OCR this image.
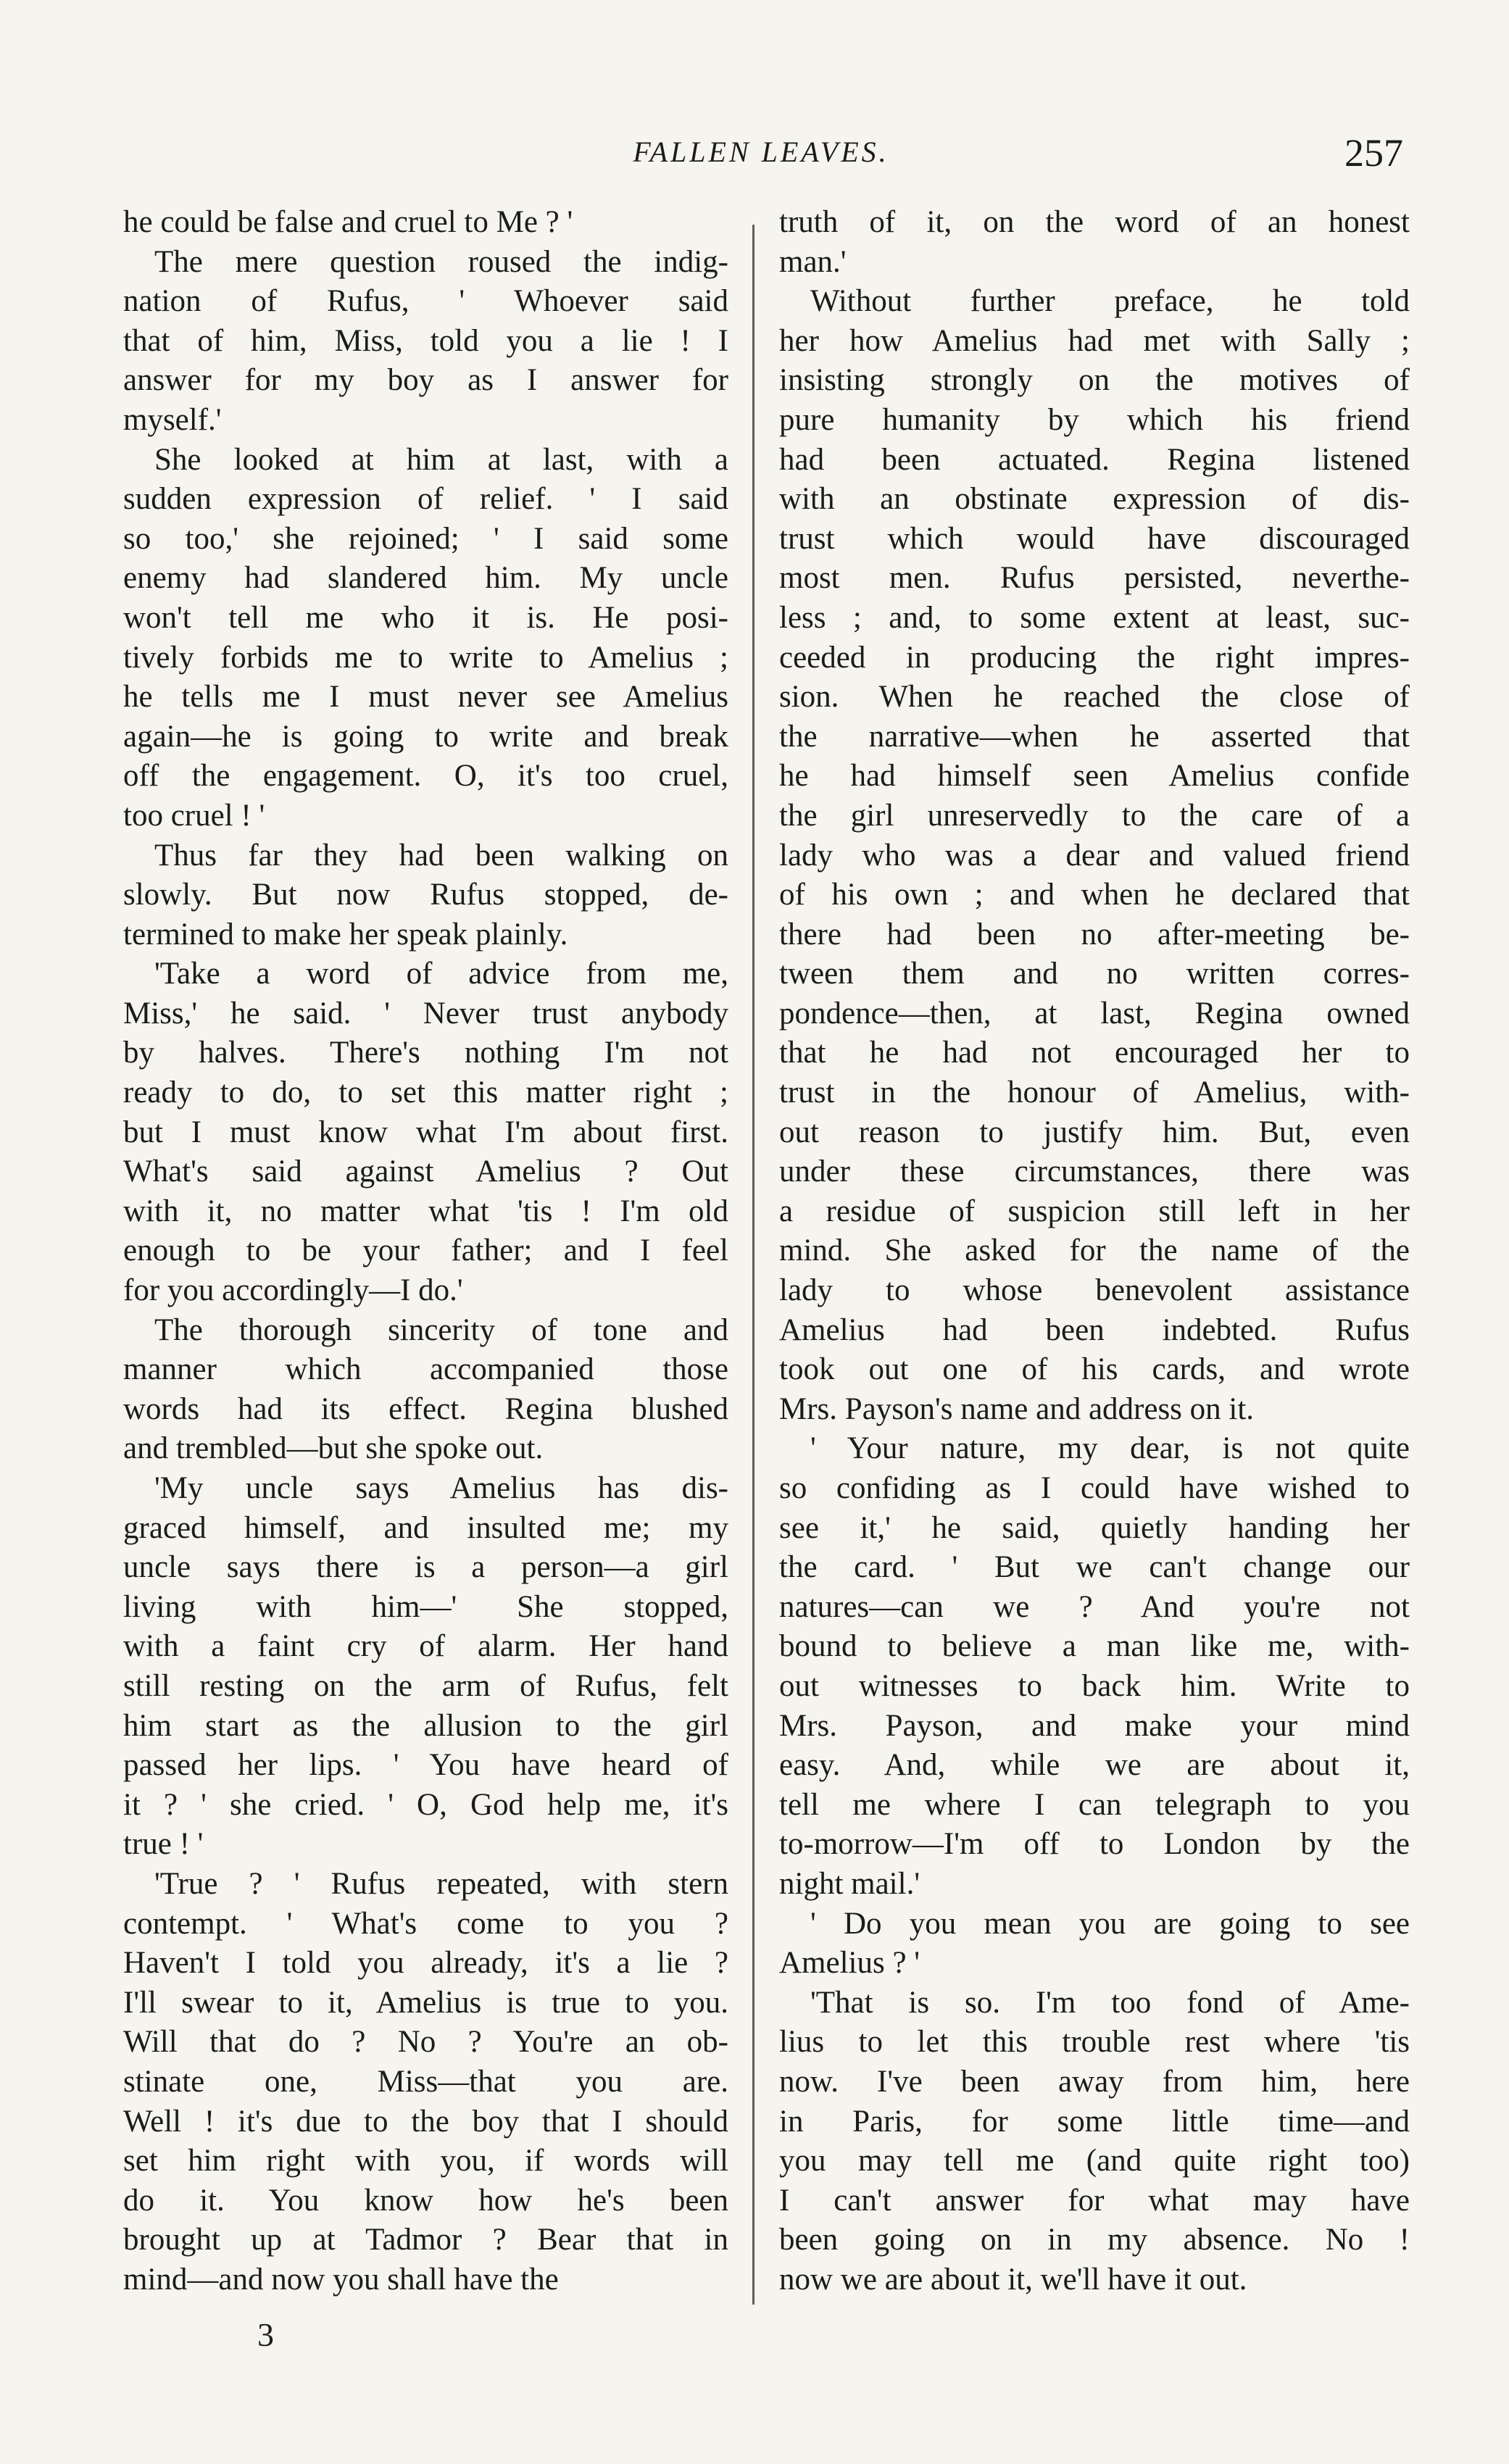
FALLEN LEAVES.	257
he could be false and cruel to Me ? '
 The mere question roused the indig-
nation of Rufus, ' Whoever said
that of him, Miss, told you a lie ! I
answer for my boy as I answer for
myself.'
 She looked at him at last, with a
sudden expression of relief. ' I said
so too,' she rejoined; ' I said some
enemy had slandered him. My uncle
won't tell me who it is. He posi-
tively forbids me to write to Amelius ;
he tells me I must never see Amelius
again—he is going to write and break
off the engagement. O, it's too cruel,
too cruel ! '
 Thus far they had been walking on
slowly. But now Rufus stopped, de-
termined to make her speak plainly.
 'Take a word of advice from me,
Miss,' he said. ' Never trust anybody
by halves. There's nothing I'm not
ready to do, to set this matter right ;
but I must know what I'm about first.
What's said against Amelius ? Out
with it, no matter what 'tis ! I'm old
enough to be your father; and I feel
for you accordingly—I do.'
 The thorough sincerity of tone and
manner which accompanied those
words had its effect. Regina blushed
and trembled—but she spoke out.
 'My uncle says Amelius has dis-
graced himself, and insulted me; my
uncle says there is a person—a girl
living with him—' She stopped,
with a faint cry of alarm. Her hand
still resting on the arm of Rufus, felt
him start as the allusion to the girl
passed her lips. ' You have heard of
it ? ' she cried. ' O, God help me, it's
true ! '
 'True ? ' Rufus repeated, with stern
contempt. ' What's come to you ?
Haven't I told you already, it's a lie ?
I'll swear to it, Amelius is true to you.
Will that do ? No ? You're an ob-
stinate one, Miss—that you are.
Well ! it's due to the boy that I should
set him right with you, if words will
do it. You know how he's been
brought up at Tadmor ? Bear that in
mind—and now you shall have the
truth of it, on the word of an honest
man.'
 Without further preface, he told
her how Amelius had met with Sally ;
insisting strongly on the motives of
pure humanity by which his friend
had been actuated. Regina listened
with an obstinate expression of dis-
trust which would have discouraged
most men. Rufus persisted, neverthe-
less ; and, to some extent at least, suc-
ceeded in producing the right impres-
sion. When he reached the close of
the narrative—when he asserted that
he had himself seen Amelius confide
the girl unreservedly to the care of a
lady who was a dear and valued friend
of his own ; and when he declared that
there had been no after-meeting be-
tween them and no written corres-
pondence—then, at last, Regina owned
that he had not encouraged her to
trust in the honour of Amelius, with-
out reason to justify him. But, even
under these circumstances, there was
a residue of suspicion still left in her
mind. She asked for the name of the
lady to whose benevolent assistance
Amelius had been indebted. Rufus
took out one of his cards, and wrote
Mrs. Payson's name and address on it.
 ' Your nature, my dear, is not quite
so confiding as I could have wished to
see it,' he said, quietly handing her
the card. ' But we can't change our
natures—can we ? And you're not
bound to believe a man like me, with-
out witnesses to back him. Write to
Mrs. Payson, and make your mind
easy. And, while we are about it,
tell me where I can telegraph to you
to-morrow—I'm off to London by the
night mail.'
 ' Do you mean you are going to see
Amelius ? '
 'That is so. I'm too fond of Ame-
lius to let this trouble rest where 'tis
now. I've been away from him, here
in Paris, for some little time—and
you may tell me (and quite right too)
I can't answer for what may have
been going on in my absence. No !
now we are about it, we'll have it out.
3
